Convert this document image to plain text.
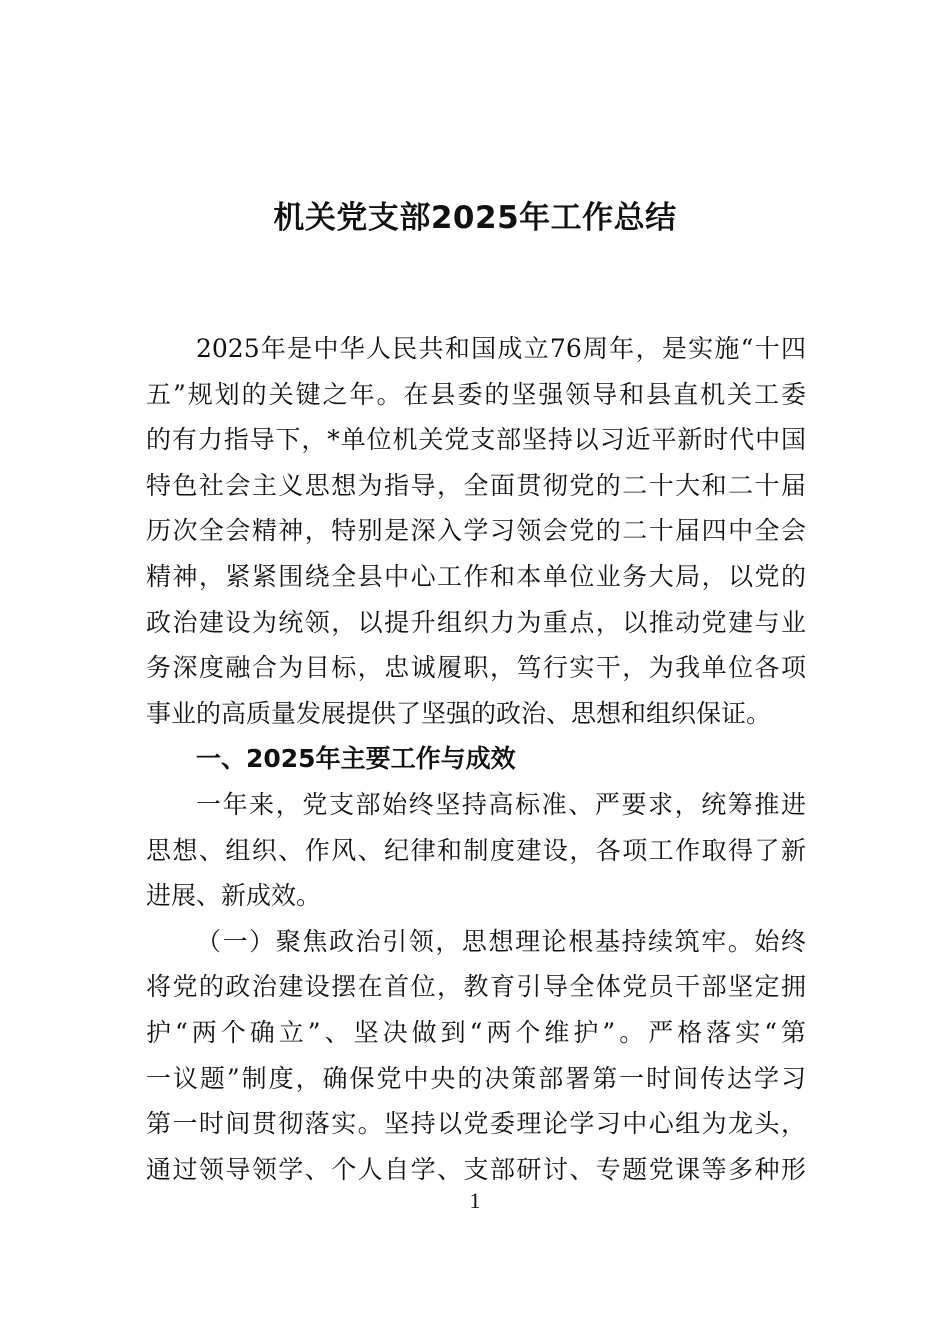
机关党支部2025年工作总结
2025年是中华人民共和国成立76周年，是实施“十四
五”规划的关键之年。在县委的坚强领导和县直机关工委
的有力指导下，*单位机关党支部坚持以习近平新时代中国
特色社会主义思想为指导，全面贯彻党的二十大和二十届
历次全会精神，特别是深入学习领会党的二十届四中全会
精神，紧紧围绕全县中心工作和本单位业务大局，以党的
政治建设为统领，以提升组织力为重点，以推动党建与业
务深度融合为目标，忠诚履职，笃行实干，为我单位各项
事业的高质量发展提供了坚强的政治、思想和组织保证。
一、2025年主要工作与成效
一年来，党支部始终坚持高标准、严要求，统筹推进
思想、组织、作风、纪律和制度建设，各项工作取得了新
进展、新成效。
（一）聚焦政治引领，思想理论根基持续筑牢。始终
将党的政治建设摆在首位，教育引导全体党员干部坚定拥
护“两个确立”、坚决做到“两个维护”。严格落实“第
一议题”制度，确保党中央的决策部署第一时间传达学习
第一时间贯彻落实。坚持以党委理论学习中心组为龙头，
通过领导领学、个人自学、支部研讨、专题党课等多种形
1
